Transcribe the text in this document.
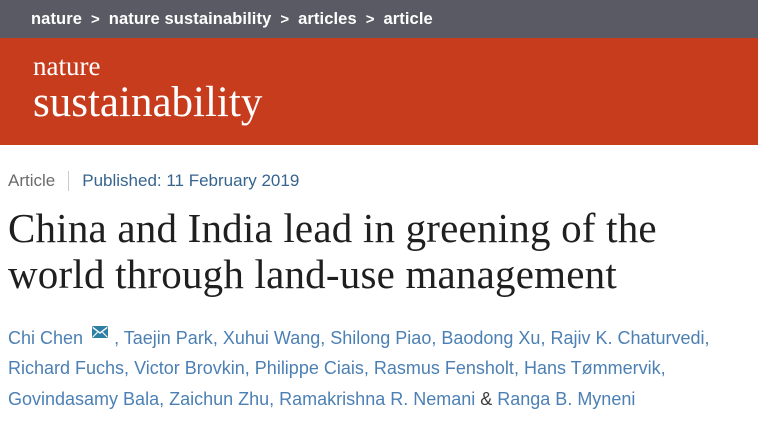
nature > nature sustainability > articles > article
nature
sustainability
Article Published: 11 February 2019
China and India lead in greening of the world through land-use management

Chi Chen , Taejin Park, Xuhui Wang, Shilong Piao, Baodong Xu, Rajiv K. Chaturvedi, Richard Fuchs, Victor Brovkin, Philippe Ciais, Rasmus Fensholt, Hans Tømmervik, Govindasamy Bala, Zaichun Zhu, Ramakrishna R. Nemani & Ranga B. Myneni
